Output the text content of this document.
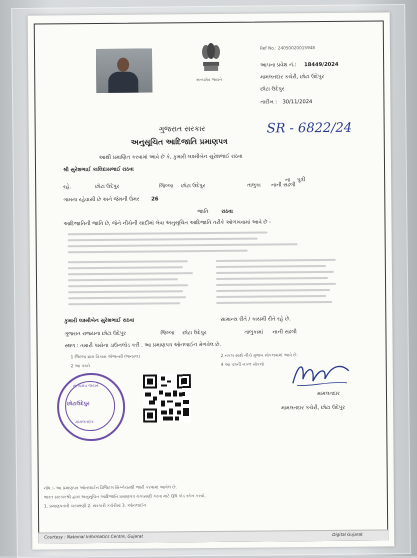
સત્યમેવ જયતે
Ref No.: 24050020015948
આપના પ્રવેશ નં.: 18449/2024
મામલતદાર કચેરી, છોટા ઉદેપુર
છોટા ઉદેપુર
તારીખ : 30/11/2024
ગુજરાત સરકાર
અનુસૂચિત આદિજાતિ પ્રમાણપત્ર
SR - 6822/24
આથી પ્રમાણિત કરવામાં આવે છે કે, કુમારી લક્ષ્મીબેન સુરેશભાઈ રાઠવા
શ્રી સુરેશભાઈ કાલિદાસભાઈ રાઠવા
રહે.	છોટા ઉદેપુર
ના પુત્રી
જિલ્લા છોટા ઉદેપુર	તાલુકા નાની સઢલી
ગામના રહેવાસી છે અને જેમની ઉંમર 26
જાતિ રાઠવા
આદિજાતિની જાતિ છે, જેને નીચેની યાદીમાં લેવા અનુસૂચિત આદિજાતિ તરીકે ઓળખવામાં આવે છે -
કુમારી લક્ષ્મીબેન સુરેશભાઈ રાઠવા	સામાન્ય રીતે / કાયમી રીતે રહે છે.
ગુજરાત રાજ્યના છોટા ઉદેપુર	જિલ્લા છોટા ઉદેપુર	તાલુકામાં નાની સઢલી
સ્થળ : તમારી પાસેના ડાઉનલોડ કરી . આ પ્રમાણપત્ર ઓનલાઈન મેળવેલ છે.
1 જિલ્લા ગ્રામ વિકાસ એજન્સી (જનરલ)
2 આ પત્રને
2 નકલ સાથે નીચે મુજબ મોકલવામાં આવે છે.
4 આ પત્રની નકલ મોકલો
સત્યમેવ જયતે
છોટાઉદેપુર
મામલતદાર
મામલતદાર
મામલતદાર કચેરી, છોટા ઉદેપુર
નોંધ :- આ પ્રમાણપત્ર ઓનલાઈન ડિજિટલ સિગ્નેચરથી જારી કરવામાં આવેલ છે.
ભારત સરકારશ્રી દ્વારા અનુસૂચિત આદિજાતિ પ્રમાણપત્ર ચકાસણી કરવા માટે QR કોડ સ્કેન કરવો.
1. પ્રમાણપત્રની ચકાસણી 2. સરકારી કચેરીમાં 3. ઓનલાઈન
Courtesy : National Informatics Centre, Gujarat	Digital Gujarat
